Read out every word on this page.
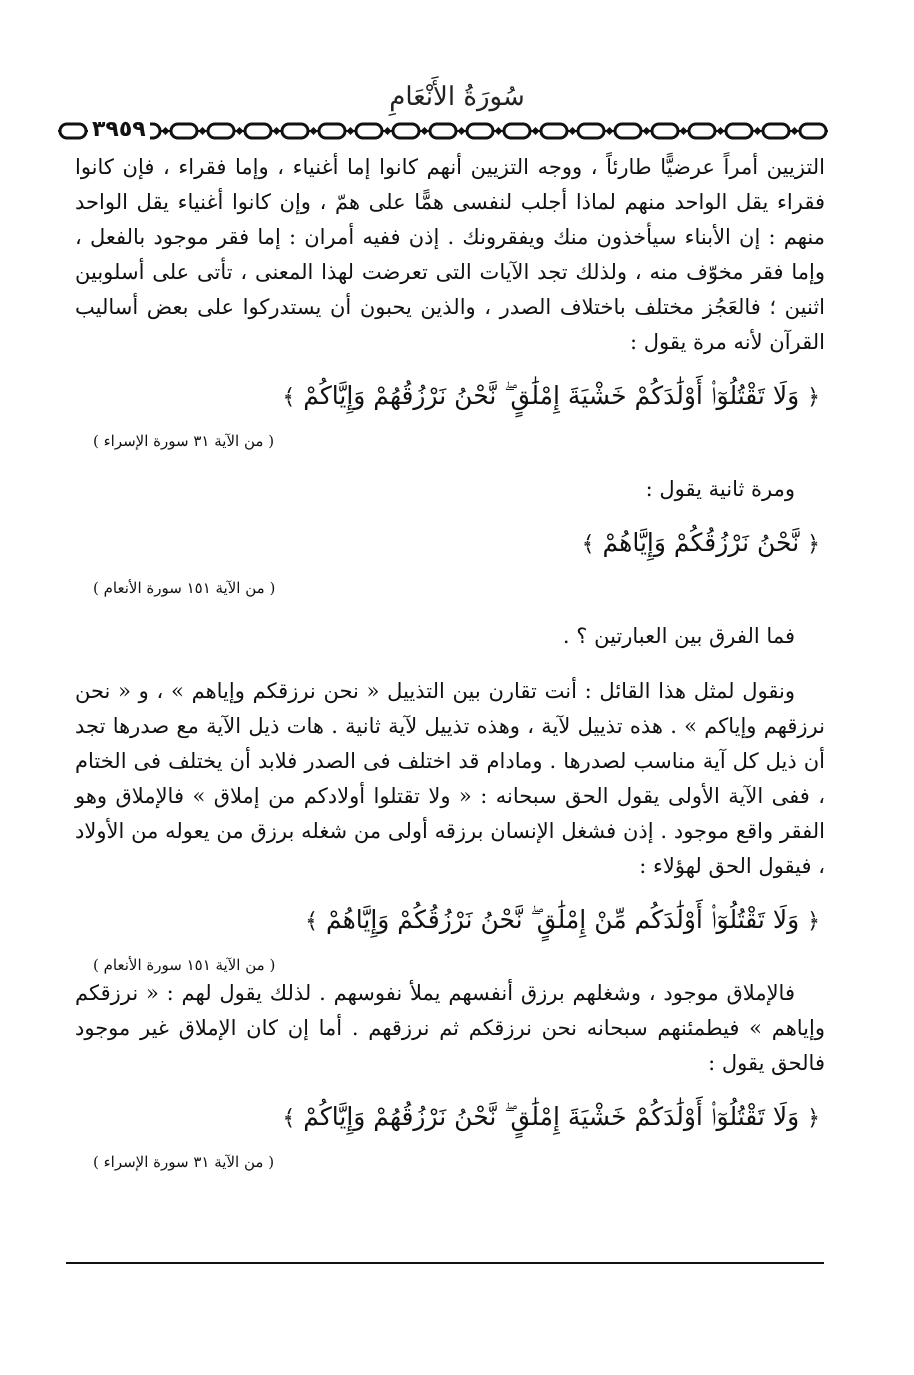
سُورَةُ الأَنْعَامِ
٣٩٥٩

التزيين أمراً عرضيًّا طارئاً ، ووجه التزيين أنهم كانوا إما أغنياء ، وإما فقراء ، فإن كانوا فقراء يقل الواحد منهم لماذا أجلب لنفسى همًّا على همّ ، وإن كانوا أغنياء يقل الواحد منهم : إن الأبناء سيأخذون منك ويفقرونك . إذن ففيه أمران : إما فقر موجود بالفعل ، وإما فقر مخوّف منه ، ولذلك تجد الآيات التى تعرضت لهذا المعنى ، تأتى على أسلوبين اثنين ؛ فالعَجُز مختلف باختلاف الصدر ، والذين يحبون أن يستدركوا على بعض أساليب القرآن لأنه مرة يقول :

﴿ وَلَا تَقْتُلُوٓا۟ أَوْلَٰدَكُمْ خَشْيَةَ إِمْلَٰقٍ ۖ نَّحْنُ نَرْزُقُهُمْ وَإِيَّاكُمْ ﴾
( من الآية ٣١ سورة الإسراء )

ومرة ثانية يقول :

﴿ نَّحْنُ نَرْزُقُكُمْ وَإِيَّاهُمْ ﴾
( من الآية ١٥١ سورة الأنعام )

فما الفرق بين العبارتين ؟ .

ونقول لمثل هذا القائل : أنت تقارن بين التذييل « نحن نرزقكم وإياهم » ، و « نحن نرزقهم وإياكم » . هذه تذييل لآية ، وهذه تذييل لآية ثانية . هات ذيل الآية مع صدرها تجد أن ذيل كل آية مناسب لصدرها . ومادام قد اختلف فى الصدر فلابد أن يختلف فى الختام ، ففى الآية الأولى يقول الحق سبحانه : « ولا تقتلوا أولادكم من إملاق » فالإملاق وهو الفقر واقع موجود . إذن فشغل الإنسان برزقه أولى من شغله برزق من يعوله من الأولاد ، فيقول الحق لهؤلاء :

﴿ وَلَا تَقْتُلُوٓا۟ أَوْلَٰدَكُم مِّنْ إِمْلَٰقٍ ۖ نَّحْنُ نَرْزُقُكُمْ وَإِيَّاهُمْ ﴾
( من الآية ١٥١ سورة الأنعام )

فالإملاق موجود ، وشغلهم برزق أنفسهم يملأ نفوسهم . لذلك يقول لهم : « نرزقكم وإياهم » فيطمئنهم سبحانه نحن نرزقكم ثم نرزقهم . أما إن كان الإملاق غير موجود فالحق يقول :

﴿ وَلَا تَقْتُلُوٓا۟ أَوْلَٰدَكُمْ خَشْيَةَ إِمْلَٰقٍ ۖ نَّحْنُ نَرْزُقُهُمْ وَإِيَّاكُمْ ﴾
( من الآية ٣١ سورة الإسراء )
